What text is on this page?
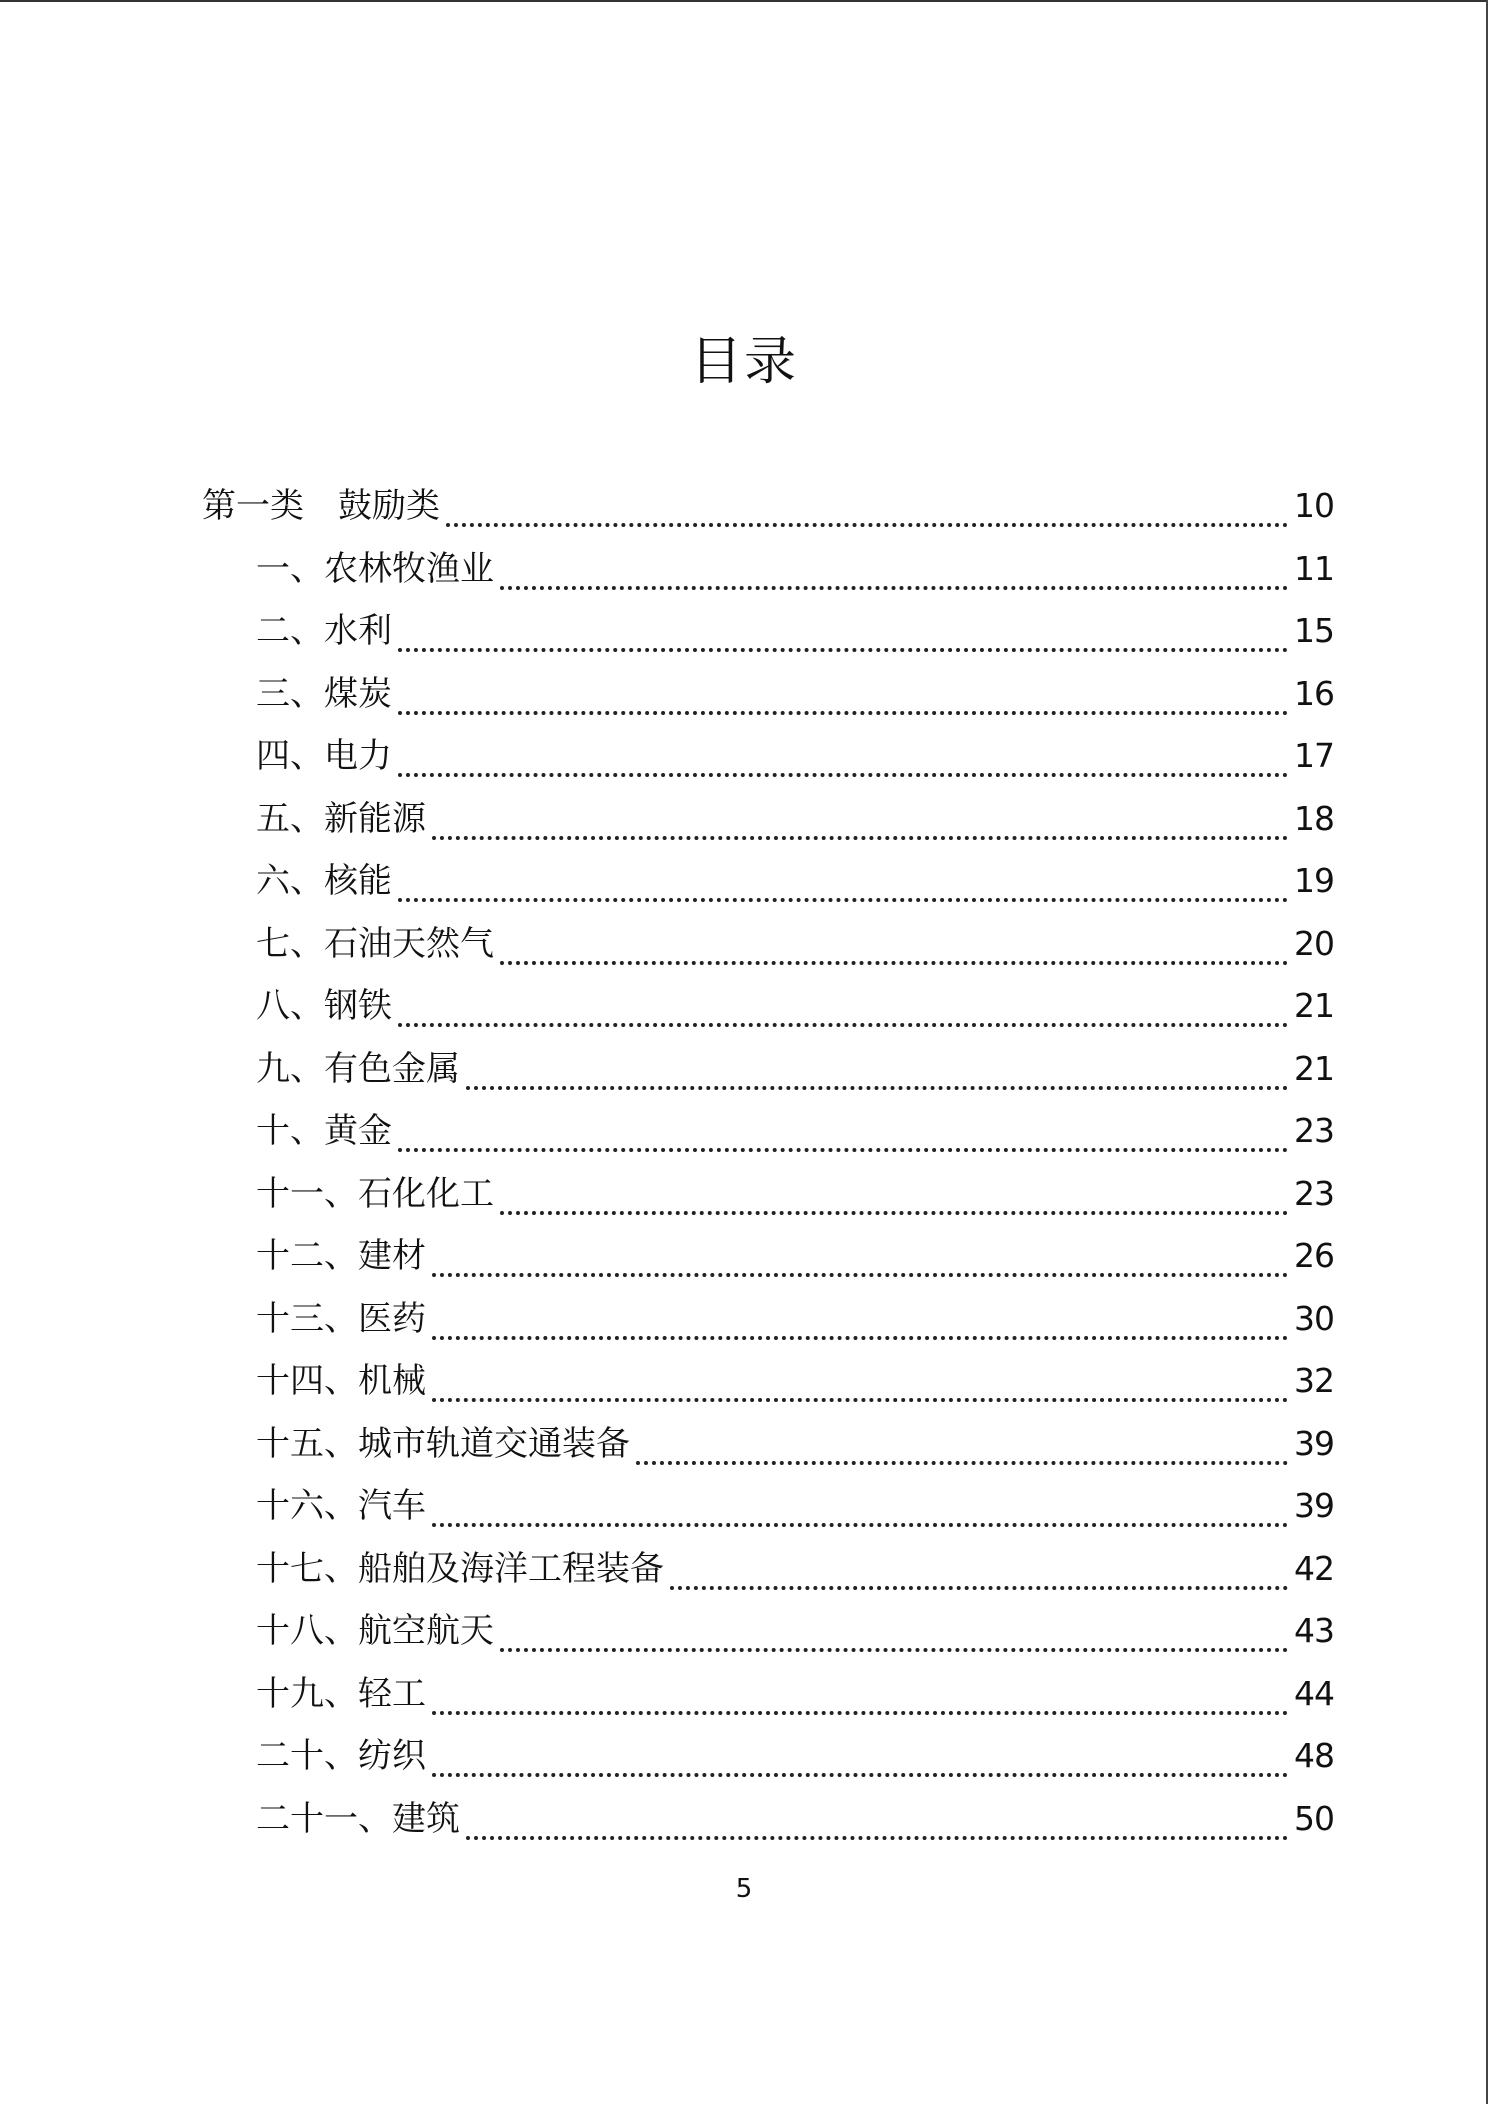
目录
第一类　鼓励类	10
一、农林牧渔业	11
二、水利	15
三、煤炭	16
四、电力	17
五、新能源	18
六、核能	19
七、石油天然气	20
八、钢铁	21
九、有色金属	21
十、黄金	23
十一、石化化工	23
十二、建材	26
十三、医药	30
十四、机械	32
十五、城市轨道交通装备	39
十六、汽车	39
十七、船舶及海洋工程装备	42
十八、航空航天	43
十九、轻工	44
二十、纺织	48
二十一、建筑	50
5
